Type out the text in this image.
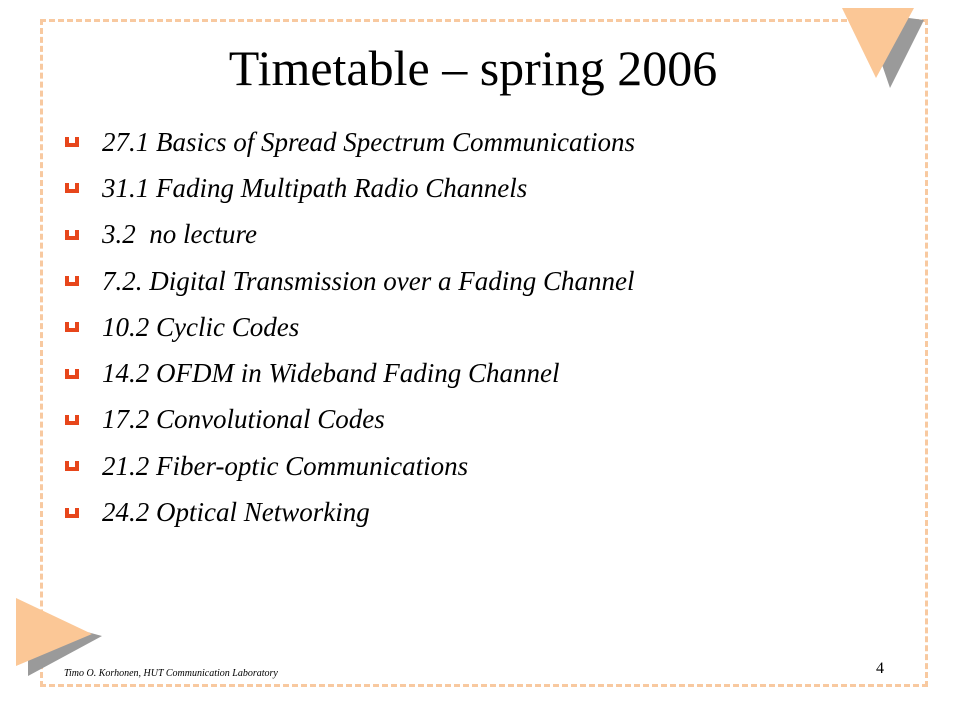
Timetable – spring 2006
27.1 Basics of Spread Spectrum Communications
31.1 Fading Multipath Radio Channels
3.2  no lecture
7.2. Digital Transmission over a Fading Channel
10.2 Cyclic Codes
14.2 OFDM in Wideband Fading Channel
17.2 Convolutional Codes
21.2 Fiber-optic Communications
24.2 Optical Networking
Timo O. Korhonen, HUT Communication Laboratory	4
